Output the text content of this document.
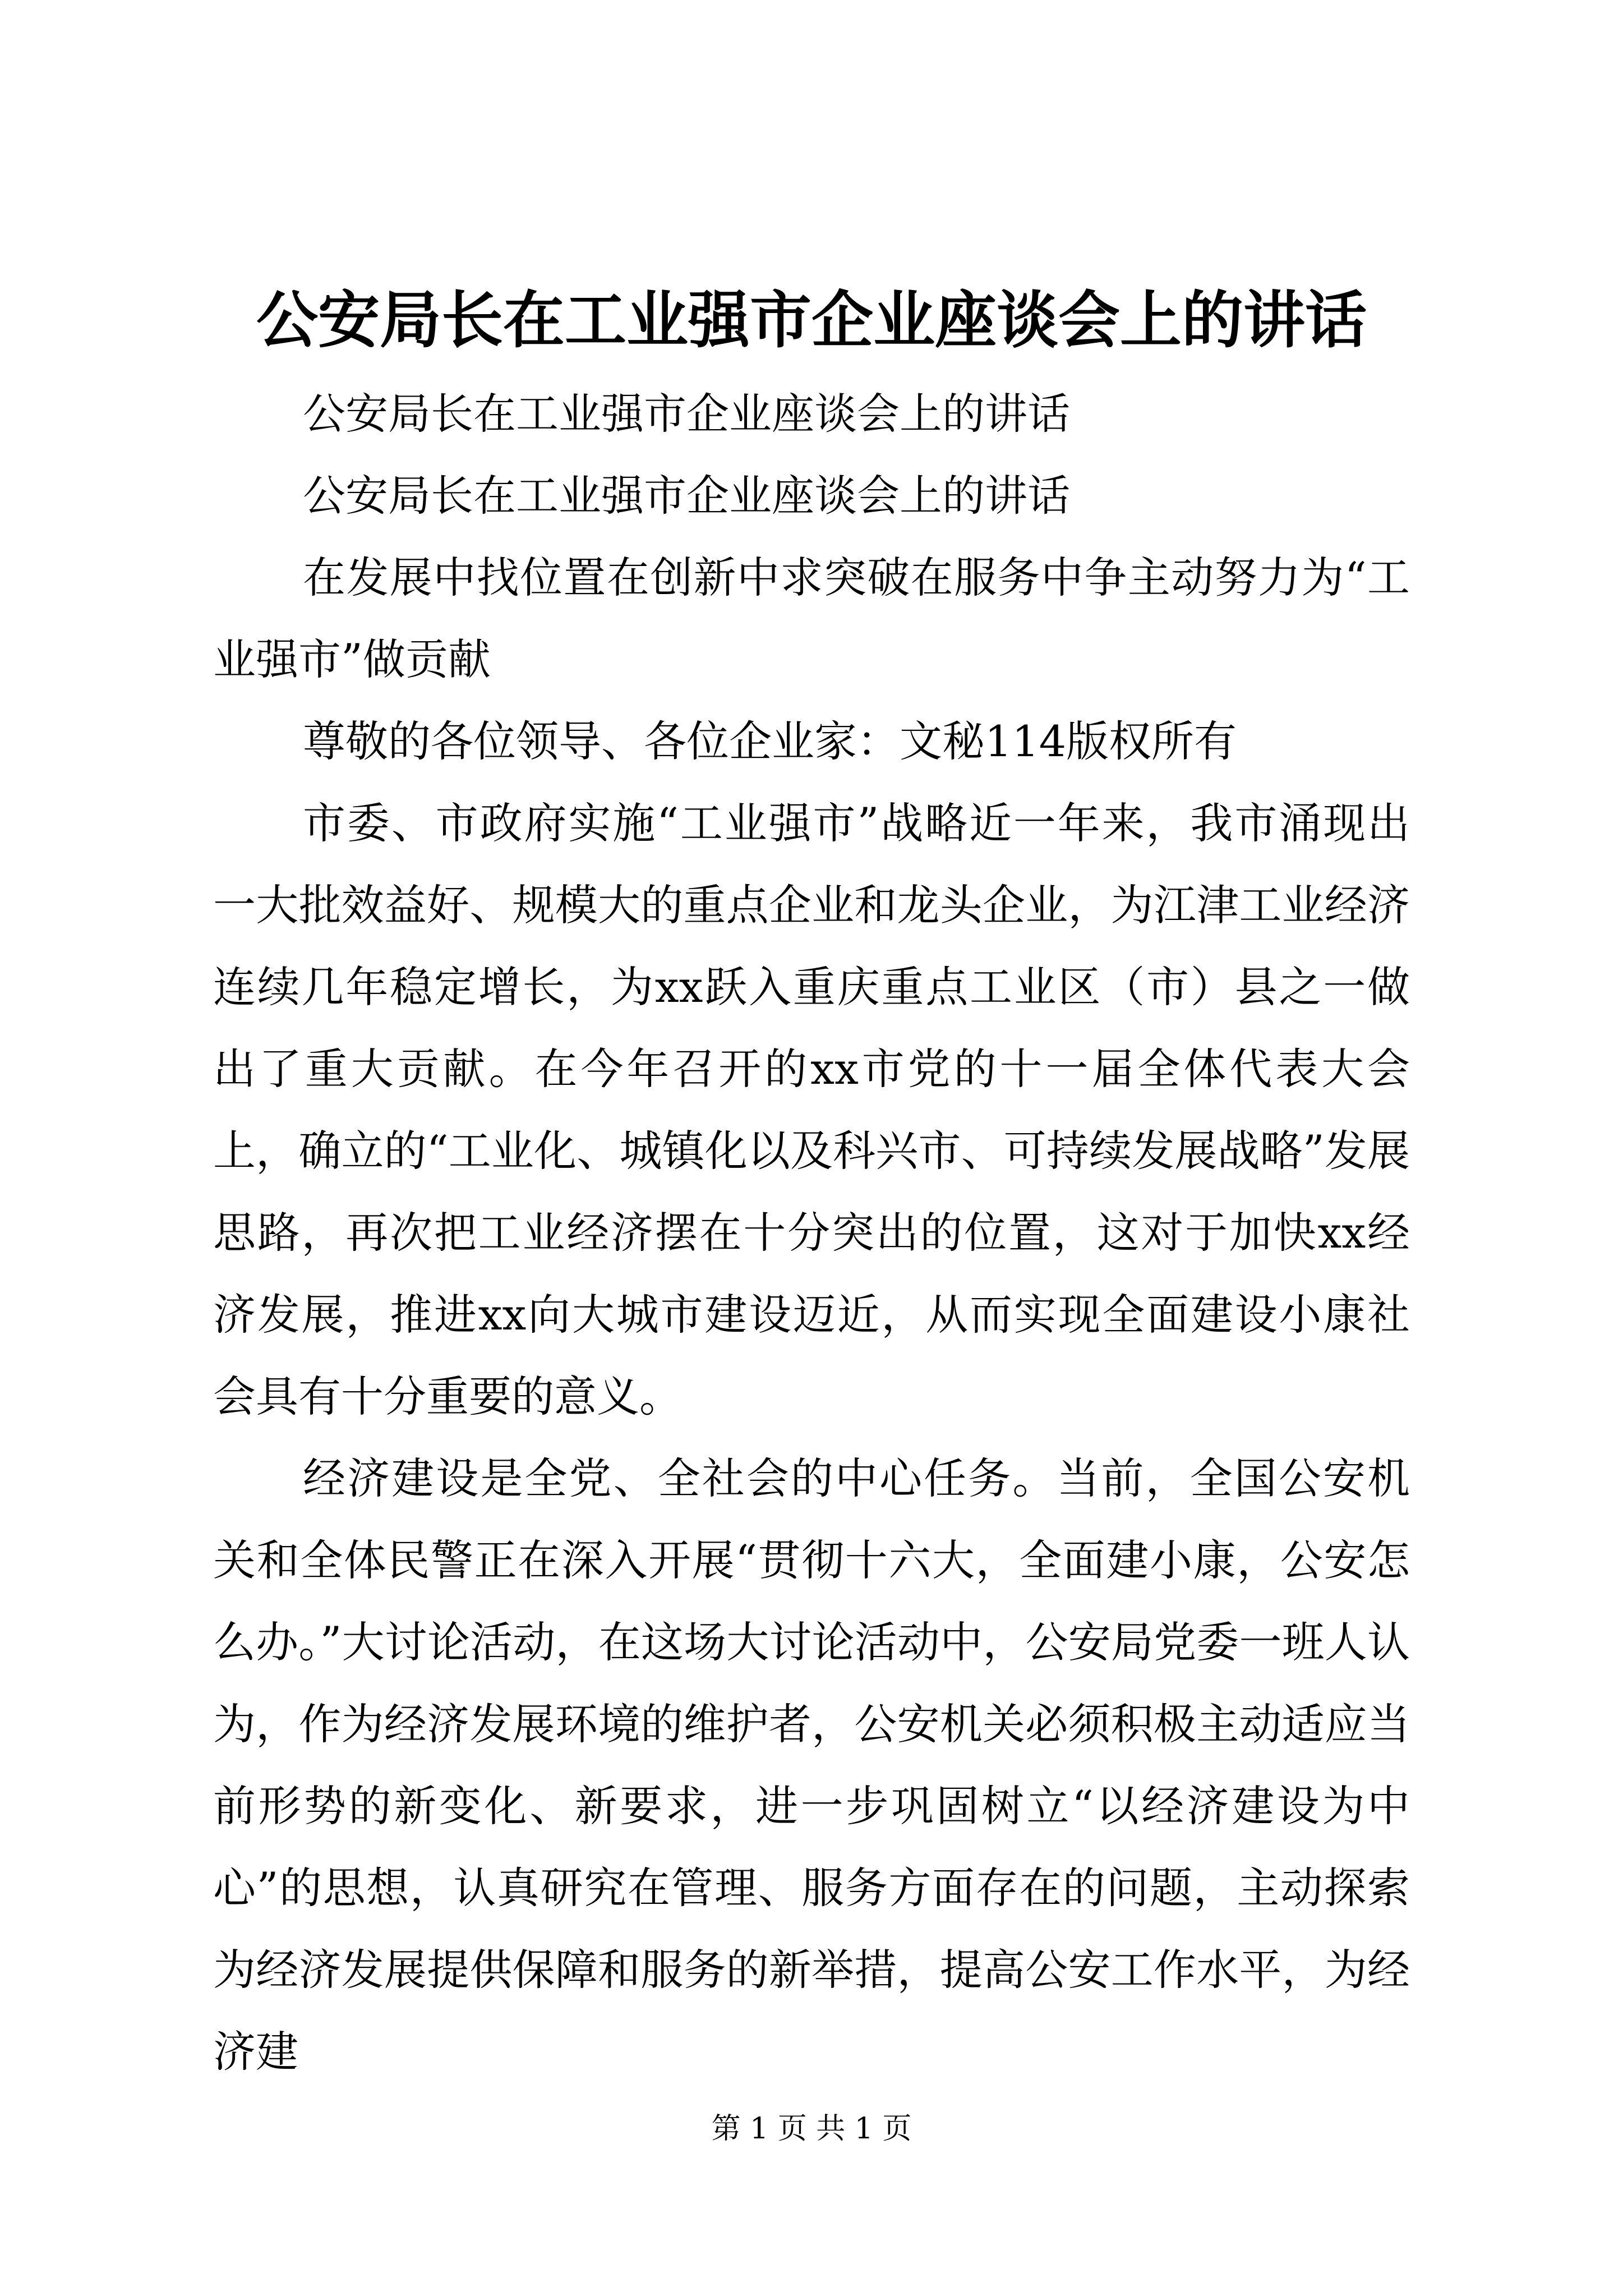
公安局长在工业强市企业座谈会上的讲话

公安局长在工业强市企业座谈会上的讲话

公安局长在工业强市企业座谈会上的讲话

在发展中找位置在创新中求突破在服务中争主动努力为“工业强市”做贡献

尊敬的各位领导、各位企业家：文秘114版权所有

市委、市政府实施“工业强市”战略近一年来，我市涌现出一大批效益好、规模大的重点企业和龙头企业，为江津工业经济连续几年稳定增长，为xx跃入重庆重点工业区（市）县之一做出了重大贡献。在今年召开的xx市党的十一届全体代表大会上，确立的“工业化、城镇化以及科兴市、可持续发展战略”发展思路，再次把工业经济摆在十分突出的位置，这对于加快xx经济发展，推进xx向大城市建设迈近，从而实现全面建设小康社会具有十分重要的意义。

经济建设是全党、全社会的中心任务。当前，全国公安机关和全体民警正在深入开展“贯彻十六大，全面建小康，公安怎么办。”大讨论活动，在这场大讨论活动中，公安局党委一班人认为，作为经济发展环境的维护者，公安机关必须积极主动适应当前形势的新变化、新要求，进一步巩固树立“以经济建设为中心”的思想，认真研究在管理、服务方面存在的问题，主动探索为经济发展提供保障和服务的新举措，提高公安工作水平，为经济建

第 1 页 共 1 页
